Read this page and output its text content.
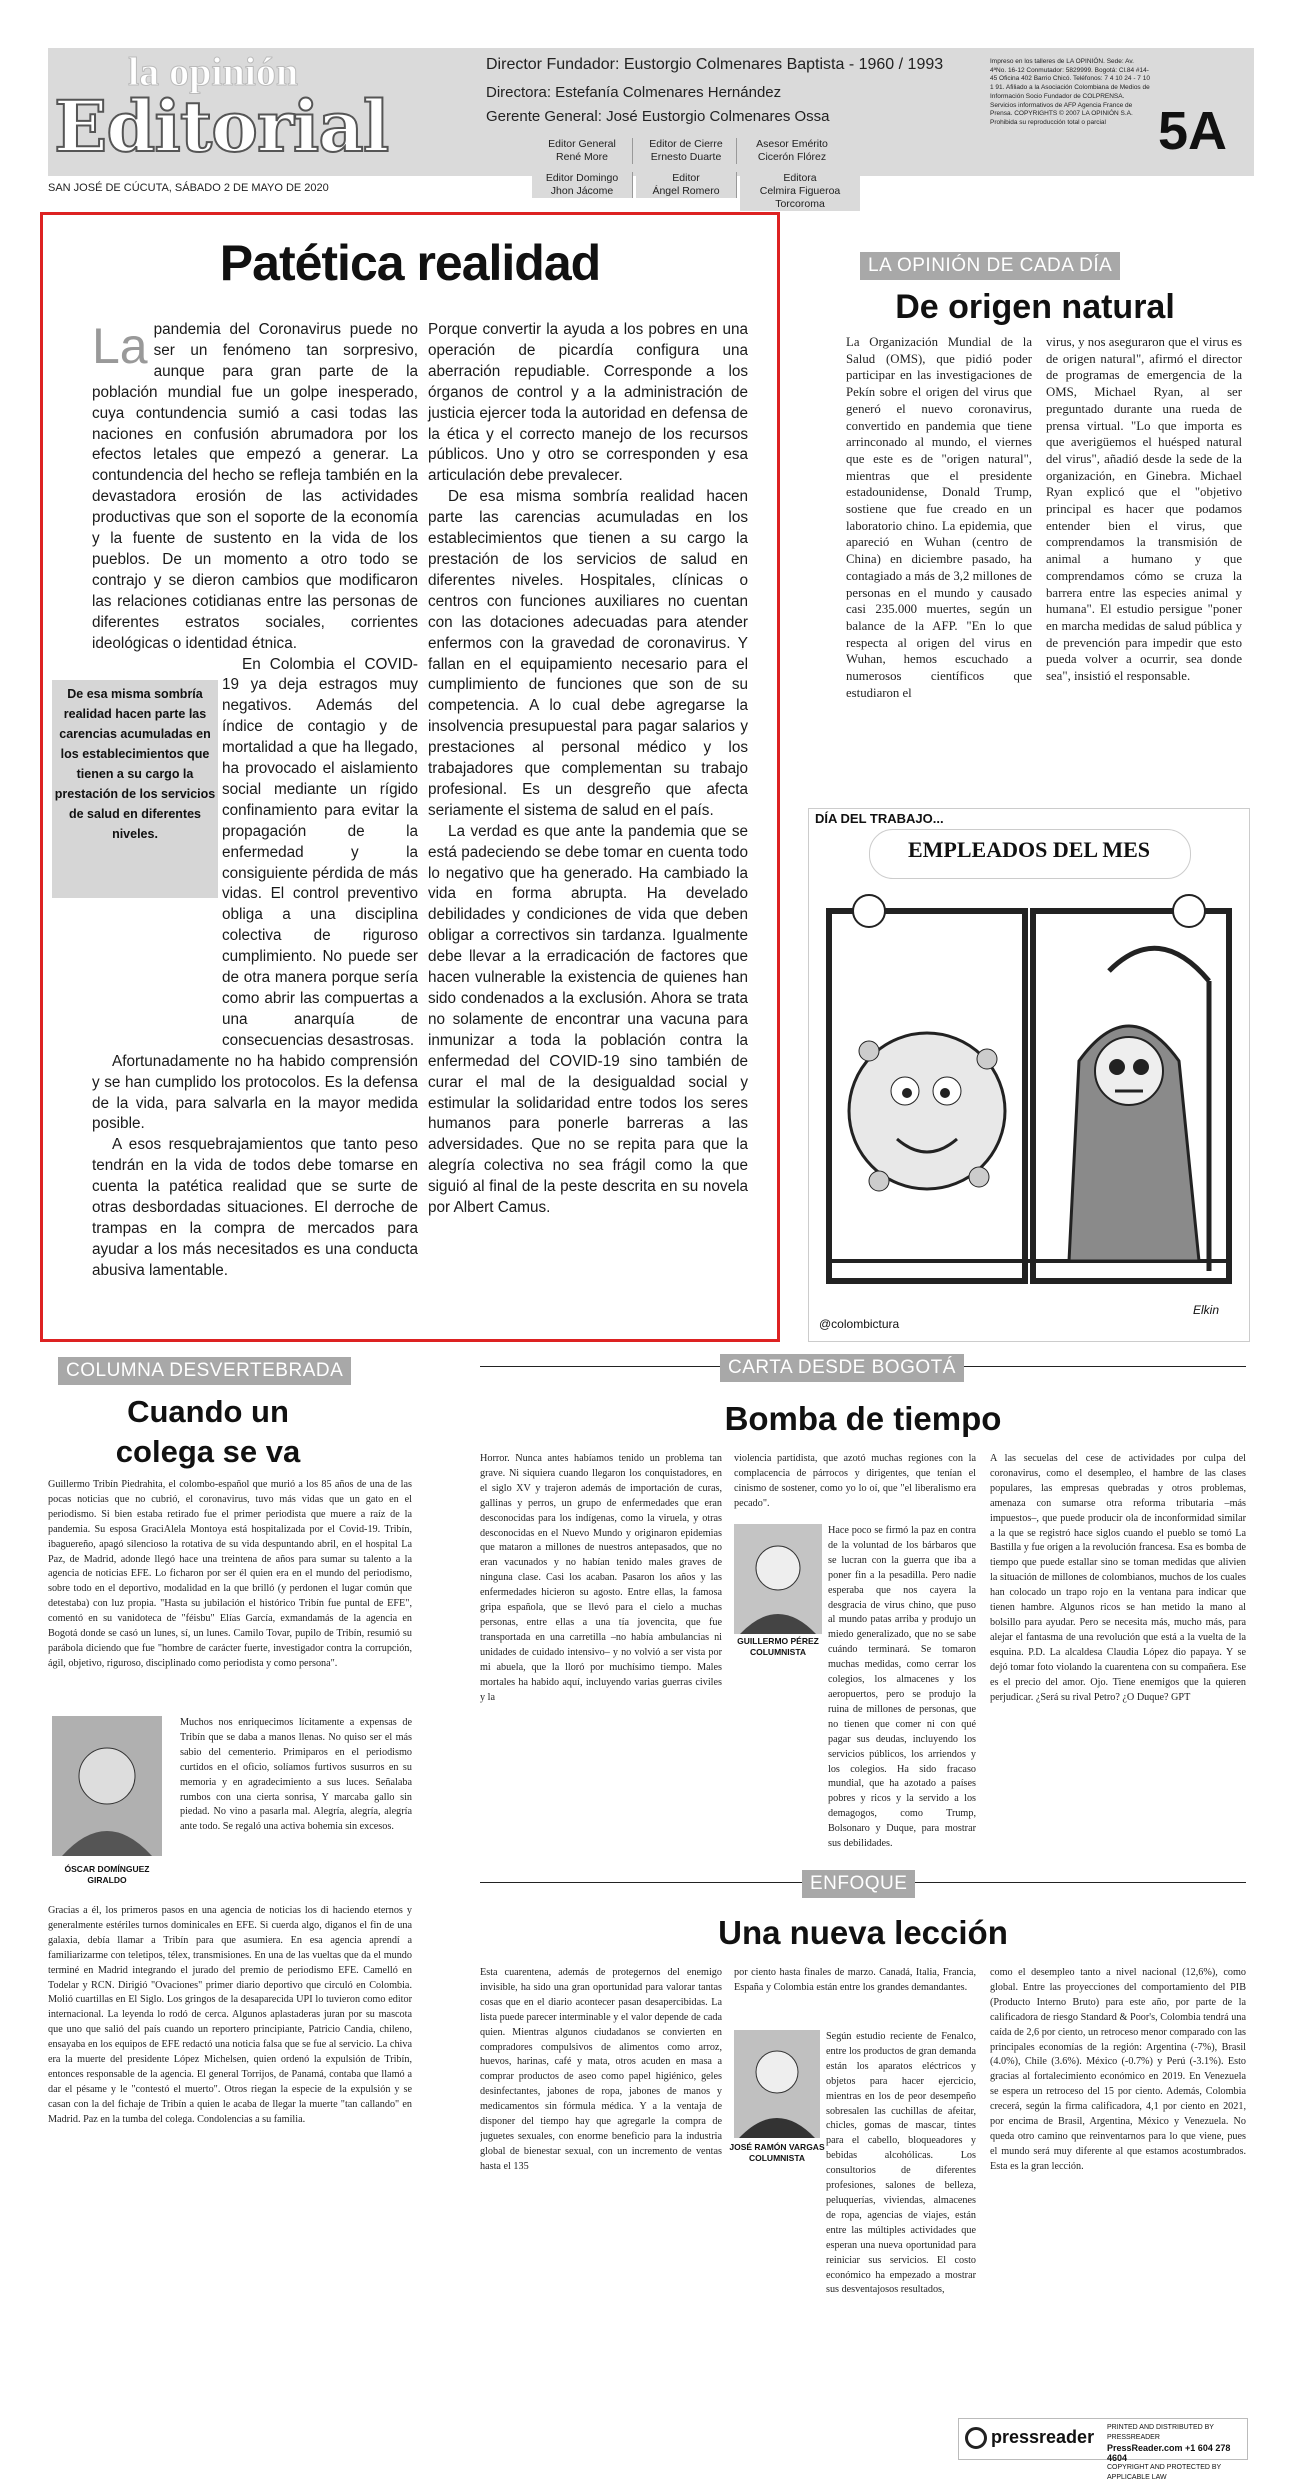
la opinión
Editorial
Director Fundador: Eustorgio Colmenares Baptista - 1960 / 1993
Directora: Estefanía Colmenares Hernández
Gerente General: José Eustorgio Colmenares Ossa
Editor General
René More
Editor de Cierre
Ernesto Duarte
Asesor Emérito
Cicerón Flórez
Editor Domingo
Jhon Jácome
Editor
Ángel Romero
Editora
Celmira Figueroa Torcoroma
Impreso en los talleres de LA OPINIÓN. Sede: Av. 4ªNo. 16-12 Conmutador: 5829999. Bogotá: Cl.84 #14-45 Oficina 402 Barrio Chicó. Teléfonos: 7 4 10 24 - 7 10 1 91. Afiliado a la Asociación Colombiana de Medios de Información Socio Fundador de COLPRENSA. Servicios informativos de AFP Agencia France de Prensa. COPYRIGHTS © 2007 LA OPINIÓN S.A. Prohibida su reproducción total o parcial 5A
SAN JOSÉ DE CÚCUTA, SÁBADO 2 DE MAYO DE 2020
Patética realidad
La pandemia del Coronavirus puede no ser un fenómeno tan sorpresivo, aunque para gran parte de la población mundial fue un golpe inesperado, cuya contundencia sumió a casi todas las naciones en confusión abrumadora por los efectos letales que empezó a generar. La contundencia del hecho se refleja también en la devastadora erosión de las actividades productivas que son el soporte de la economía y la fuente de sustento en la vida de los pueblos. De un momento a otro todo se contrajo y se dieron cambios que modificaron las relaciones cotidianas entre las personas de diferentes estratos sociales, corrientes ideológicas o identidad étnica.
En Colombia el COVID-19 ya deja estragos muy negativos. Además del índice de contagio y de mortalidad a que ha llegado, ha provocado el aislamiento social mediante un rígido confinamiento para evitar la propagación de la enfermedad y la consiguiente pérdida de más vidas. El control preventivo obliga a una disciplina colectiva de riguroso cumplimiento. No puede ser de otra manera porque sería como abrir las compuertas a una anarquía de consecuencias desastrosas.
Afortunadamente no ha habido comprensión y se han cumplido los protocolos. Es la defensa de la vida, para salvarla en la mayor medida posible.
A esos resquebrajamientos que tanto peso tendrán en la vida de todos debe tomarse en cuenta la patética realidad que se surte de otras desbordadas situaciones. El derroche de trampas en la compra de mercados para ayudar a los más necesitados es una conducta abusiva lamentable.
De esa misma sombría realidad hacen parte las carencias acumuladas en los establecimientos que tienen a su cargo la prestación de los servicios de salud en diferentes niveles.
Porque convertir la ayuda a los pobres en una operación de picardía configura una aberración repudiable. Corresponde a los órganos de control y a la administración de justicia ejercer toda la autoridad en defensa de la ética y el correcto manejo de los recursos públicos. Uno y otro se corresponden y esa articulación debe prevalecer.
De esa misma sombría realidad hacen parte las carencias acumuladas en los establecimientos que tienen a su cargo la prestación de los servicios de salud en diferentes niveles. Hospitales, clínicas o centros con funciones auxiliares no cuentan con las dotaciones adecuadas para atender enfermos con la gravedad de coronavirus. Y fallan en el equipamiento necesario para el cumplimiento de funciones que son de su competencia. A lo cual debe agregarse la insolvencia presupuestal para pagar salarios y prestaciones al personal médico y los trabajadores que complementan su trabajo profesional. Es un desgreño que afecta seriamente el sistema de salud en el país.
La verdad es que ante la pandemia que se está padeciendo se debe tomar en cuenta todo lo negativo que ha generado. Ha cambiado la vida en forma abrupta. Ha develado debilidades y condiciones de vida que deben obligar a correctivos sin tardanza. Igualmente debe llevar a la erradicación de factores que hacen vulnerable la existencia de quienes han sido condenados a la exclusión. Ahora se trata no solamente de encontrar una vacuna para inmunizar a toda la población contra la enfermedad del COVID-19 sino también de curar el mal de la desigualdad social y estimular la solidaridad entre todos los seres humanos para ponerle barreras a las adversidades. Que no se repita para que la alegría colectiva no sea frágil como la que siguió al final de la peste descrita en su novela por Albert Camus.
LA OPINIÓN DE CADA DÍA
De origen natural
La Organización Mundial de la Salud (OMS), que pidió poder participar en las investigaciones de Pekín sobre el origen del virus que generó el nuevo coronavirus, convertido en pandemia que tiene arrinconado al mundo, el viernes que este es de "origen natural", mientras que el presidente estadounidense, Donald Trump, sostiene que fue creado en un laboratorio chino. La epidemia, que apareció en Wuhan (centro de China) en diciembre pasado, ha contagiado a más de 3,2 millones de personas en el mundo y causado casi 235.000 muertes, según un balance de la AFP. "En lo que respecta al origen del virus en Wuhan, hemos escuchado a numerosos científicos que estudiaron el
virus, y nos aseguraron que el virus es de origen natural", afirmó el director de programas de emergencia de la OMS, Michael Ryan, al ser preguntado durante una rueda de prensa virtual. "Lo que importa es que averigüemos el huésped natural del virus", añadió desde la sede de la organización, en Ginebra. Michael Ryan explicó que el "objetivo principal es hacer que podamos entender bien el virus, que comprendamos la transmisión de animal a humano y que comprendamos cómo se cruza la barrera entre las especies animal y humana". El estudio persigue "poner en marcha medidas de salud pública y de prevención para impedir que esto pueda volver a ocurrir, sea donde sea", insistió el responsable.
DÍA DEL TRABAJO...
EMPLEADOS DEL MES
@colombictura
Elkin
COLUMNA DESVERTEBRADA
Cuando un
colega se va
Guillermo Tribín Piedrahita, el colombo-español que murió a los 85 años de una de las pocas noticias que no cubrió, el coronavirus, tuvo más vidas que un gato en el periodismo. Si bien estaba retirado fue el primer periodista que muere a raíz de la pandemia. Su esposa GraciAlela Montoya está hospitalizada por el Covid-19. Tribín, ibaguereño, apagó silencioso la rotativa de su vida despuntando abril, en el hospital La Paz, de Madrid, adonde llegó hace una treintena de años para sumar su talento a la agencia de noticias EFE. Lo ficharon por ser él quien era en el mundo del periodismo, sobre todo en el deportivo, modalidad en la que brilló (y perdonen el lugar común que detestaba) con luz propia. "Hasta su jubilación el histórico Tribín fue puntal de EFE", comentó en su vanidoteca de "féisbu" Elías García, exmandamás de la agencia en Bogotá donde se casó un lunes, sí, un lunes. Camilo Tovar, pupilo de Tribín, resumió su parábola diciendo que fue "hombre de carácter fuerte, investigador contra la corrupción, ágil, objetivo, riguroso, disciplinado como periodista y como persona".
ÓSCAR DOMÍNGUEZ
GIRALDO
Muchos nos enriquecimos lícitamente a expensas de Tribín que se daba a manos llenas. No quiso ser el más sabio del cementerio. Primiparos en el periodismo curtidos en el oficio, solíamos furtivos susurros en su memoria y en agradecimiento a sus luces. Señalaba rumbos con una cierta sonrisa, Y marcaba gallo sin piedad. No vino a pasarla mal. Alegría, alegría, alegría ante todo. Se regaló una activa bohemia sin excesos.
Gracias a él, los primeros pasos en una agencia de noticias los di haciendo eternos y generalmente estériles turnos dominicales en EFE. Si cuerda algo, diganos el fin de una galaxia, debía llamar a Tribín para que asumiera. En esa agencia aprendí a familiarizarme con teletipos, télex, transmisiones. En una de las vueltas que da el mundo terminé en Madrid integrando el jurado del premio de periodismo EFE. Camelló en Todelar y RCN. Dirigió "Ovaciones" primer diario deportivo que circuló en Colombia. Molió cuartillas en El Siglo. Los gringos de la desaparecida UPI lo tuvieron como editor internacional. La leyenda lo rodó de cerca. Algunos aplastaderas juran por su mascota que uno que salió del país cuando un reportero principiante, Patricio Candia, chileno, ensayaba en los equipos de EFE redactó una noticia falsa que se fue al servicio. La chiva era la muerte del presidente López Michelsen, quien ordenó la expulsión de Tribín, entonces responsable de la agencia. El general Torrijos, de Panamá, contaba que llamó a dar el pésame y le "contestó el muerto". Otros riegan la especie de la expulsión y se casan con la del fichaje de Tribín a quien le acaba de llegar la muerte "tan callando" en Madrid. Paz en la tumba del colega. Condolencias a su familia.
CARTA DESDE BOGOTÁ
Bomba de tiempo
Horror. Nunca antes habíamos tenido un problema tan grave. Ni siquiera cuando llegaron los conquistadores, en el siglo XV y trajeron además de importación de curas, gallinas y perros, un grupo de enfermedades que eran desconocidas para los indígenas, como la viruela, y otras desconocidas en el Nuevo Mundo y originaron epidemias que mataron a millones de nuestros antepasados, que no eran vacunados y no habían tenido males graves de ninguna clase. Casi los acaban. Pasaron los años y las enfermedades hicieron su agosto. Entre ellas, la famosa gripa española, que se llevó para el cielo a muchas personas, entre ellas a una tía jovencita, que fue transportada en una carretilla –no había ambulancias ni unidades de cuidado intensivo– y no volvió a ser vista por mi abuela, que la lloró por muchísimo tiempo. Males mortales ha habido aquí, incluyendo varias guerras civiles y la
violencia partidista, que azotó muchas regiones con la complacencia de párrocos y dirigentes, que tenían el cinismo de sostener, como yo lo oí, que "el liberalismo era pecado".
GUILLERMO PÉREZ
COLUMNISTA
Hace poco se firmó la paz en contra de la voluntad de los bárbaros que se lucran con la guerra que iba a poner fin a la pesadilla. Pero nadie esperaba que nos cayera la desgracia de virus chino, que puso al mundo patas arriba y produjo un miedo generalizado, que no se sabe cuándo terminará. Se tomaron muchas medidas, como cerrar los colegios, los almacenes y los aeropuertos, pero se produjo la ruina de millones de personas, que no tienen que comer ni con qué pagar sus deudas, incluyendo los servicios públicos, los arriendos y los colegios. Ha sido fracaso mundial, que ha azotado a países pobres y ricos y la servido a los demagogos, como Trump, Bolsonaro y Duque, para mostrar sus debilidades.
A las secuelas del cese de actividades por culpa del coronavirus, como el desempleo, el hambre de las clases populares, las empresas quebradas y otros problemas, amenaza con sumarse otra reforma tributaria –más impuestos–, que puede producir ola de inconformidad similar a la que se registró hace siglos cuando el pueblo se tomó La Bastilla y fue origen a la revolución francesa. Esa es bomba de tiempo que puede estallar sino se toman medidas que alivien la situación de millones de colombianos, muchos de los cuales han colocado un trapo rojo en la ventana para indicar que tienen hambre. Algunos ricos se han metido la mano al bolsillo para ayudar. Pero se necesita más, mucho más, para alejar el fantasma de una revolución que está a la vuelta de la esquina. P.D. La alcaldesa Claudia López dio papaya. Y se dejó tomar foto violando la cuarentena con su compañera. Ese es el precio del amor. Ojo. Tiene enemigos que la quieren perjudicar. ¿Será su rival Petro? ¿O Duque? GPT
ENFOQUE
Una nueva lección
Esta cuarentena, además de protegernos del enemigo invisible, ha sido una gran oportunidad para valorar tantas cosas que en el diario acontecer pasan desapercibidas. La lista puede parecer interminable y el valor depende de cada quien. Mientras algunos ciudadanos se convierten en compradores compulsivos de alimentos como arroz, huevos, harinas, café y mata, otros acuden en masa a comprar productos de aseo como papel higiénico, geles desinfectantes, jabones de ropa, jabones de manos y medicamentos sin fórmula médica. Y a la ventaja de disponer del tiempo hay que agregarle la compra de juguetes sexuales, con enorme beneficio para la industria global de bienestar sexual, con un incremento de ventas hasta el 135
por ciento hasta finales de marzo. Canadá, Italia, Francia, España y Colombia están entre los grandes demandantes.
JOSÉ RAMÓN VARGAS
COLUMNISTA
Según estudio reciente de Fenalco, entre los productos de gran demanda están los aparatos eléctricos y objetos para hacer ejercicio, mientras en los de peor desempeño sobresalen las cuchillas de afeitar, chicles, gomas de mascar, tintes para el cabello, bloqueadores y bebidas alcohólicas. Los consultorios de diferentes profesiones, salones de belleza, peluquerías, viviendas, almacenes de ropa, agencias de viajes, están entre las múltiples actividades que esperan una nueva oportunidad para reiniciar sus servicios. El costo económico ha empezado a mostrar sus desventajosos resultados,
como el desempleo tanto a nivel nacional (12,6%), como global. Entre las proyecciones del comportamiento del PIB (Producto Interno Bruto) para este año, por parte de la calificadora de riesgo Standard & Poor's, Colombia tendrá una caída de 2,6 por ciento, un retroceso menor comparado con las principales economías de la región: Argentina (-7%), Brasil (4.0%), Chile (3.6%). México (-0.7%) y Perú (-3.1%). Esto gracias al fortalecimiento económico en 2019. En Venezuela se espera un retroceso del 15 por ciento. Además, Colombia crecerá, según la firma calificadora, 4,1 por ciento en 2021, por encima de Brasil, Argentina, México y Venezuela. No queda otro camino que reinventarnos para lo que viene, pues el mundo será muy diferente al que estamos acostumbrados. Esta es la gran lección.
pressreader PRINTED AND DISTRIBUTED BY PRESSREADER
PressReader.com +1 604 278 4604
COPYRIGHT AND PROTECTED BY APPLICABLE LAW
